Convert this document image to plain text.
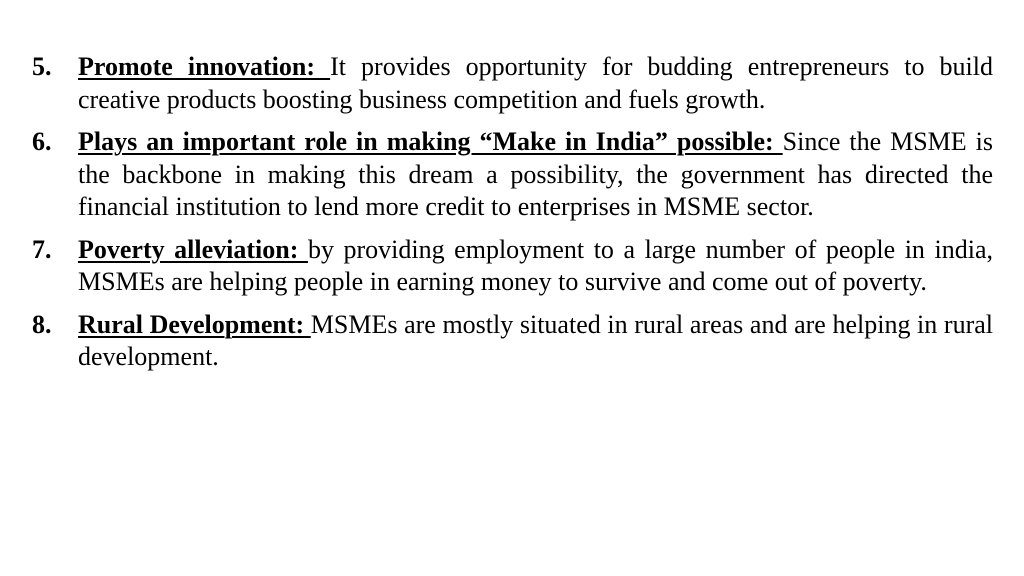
5.	Promote innovation: It provides opportunity for budding entrepreneurs to build creative products boosting business competition and fuels growth.
6.	Plays an important role in making “Make in India” possible: Since the MSME is the backbone in making this dream a possibility, the government has directed the financial institution to lend more credit to enterprises in MSME sector.
7.	Poverty alleviation: by providing employment to a large number of people in india, MSMEs are helping people in earning money to survive and come out of poverty.
8.	Rural Development: MSMEs are mostly situated in rural areas and are helping in rural development.
